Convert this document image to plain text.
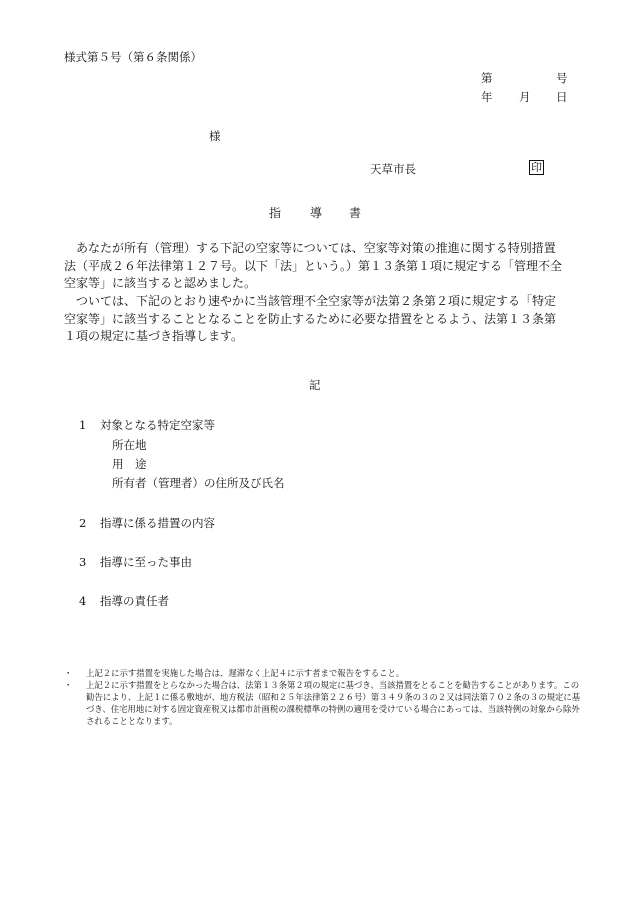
様式第５号（第６条関係）
第	号
年 月 日
様
天草市長	印
指 導 書

あなたが所有（管理）する下記の空家等については、空家等対策の推進に関する特別措置

法（平成２６年法律第１２７号。以下「法」という。）第１３条第１項に規定する「管理不全

空家等」に該当すると認めました。

ついては、下記のとおり速やかに当該管理不全空家等が法第２条第２項に規定する「特定

空家等」に該当することとなることを防止するために必要な措置をとるよう、法第１３条第

１項の規定に基づき指導します。

記
1 対象となる特定空家等
所在地
用　途
所有者（管理者）の住所及び氏名
2 指導に係る措置の内容
3 指導に至った事由
4 指導の責任者
・	上記２に示す措置を実施した場合は、遅滞なく上記４に示す者まで報告をすること。
・	上記２に示す措置をとらなかった場合は、法第１３条第２項の規定に基づき、当該措置をとることを勧告することがあります。この勧告により、上記１に係る敷地が、地方税法（昭和２５年法律第２２６号）第３４９条の３の２又は同法第７０２条の３の規定に基づき、住宅用地に対する固定資産税又は都市計画税の課税標準の特例の適用を受けている場合にあっては、当該特例の対象から除外されることとなります。
